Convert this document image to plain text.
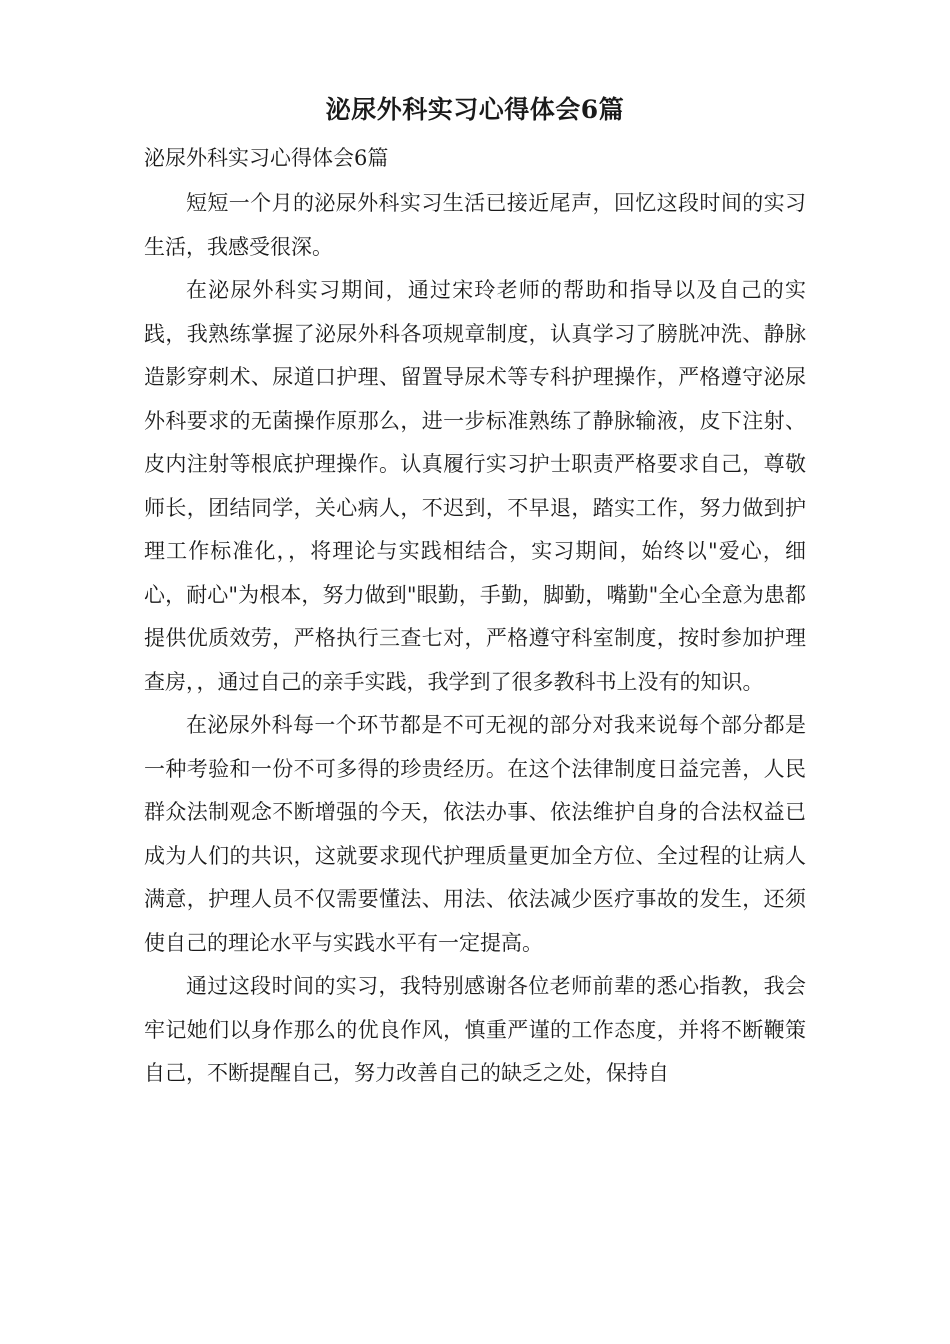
泌尿外科实习心得体会6篇

泌尿外科实习心得体会6篇

短短一个月的泌尿外科实习生活已接近尾声，回忆这段时间的实习生活，我感受很深。

在泌尿外科实习期间，通过宋玲老师的帮助和指导以及自己的实践，我熟练掌握了泌尿外科各项规章制度，认真学习了膀胱冲洗、静脉造影穿刺术、尿道口护理、留置导尿术等专科护理操作，严格遵守泌尿外科要求的无菌操作原那么，进一步标准熟练了静脉输液，皮下注射、皮内注射等根底护理操作。认真履行实习护士职责严格要求自己，尊敬师长，团结同学，关心病人，不迟到，不早退，踏实工作，努力做到护理工作标准化，，将理论与实践相结合，实习期间，始终以"爱心，细心，耐心"为根本，努力做到"眼勤，手勤，脚勤，嘴勤"全心全意为患都提供优质效劳，严格执行三查七对，严格遵守科室制度，按时参加护理查房，，通过自己的亲手实践，我学到了很多教科书上没有的知识。

在泌尿外科每一个环节都是不可无视的部分对我来说每个部分都是一种考验和一份不可多得的珍贵经历。在这个法律制度日益完善，人民群众法制观念不断增强的今天，依法办事、依法维护自身的合法权益已成为人们的共识，这就要求现代护理质量更加全方位、全过程的让病人满意，护理人员不仅需要懂法、用法、依法减少医疗事故的发生，还须使自己的理论水平与实践水平有一定提高。

通过这段时间的实习，我特别感谢各位老师前辈的悉心指教，我会牢记她们以身作那么的优良作风，慎重严谨的工作态度，并将不断鞭策自己，不断提醒自己，努力改善自己的缺乏之处，保持自
